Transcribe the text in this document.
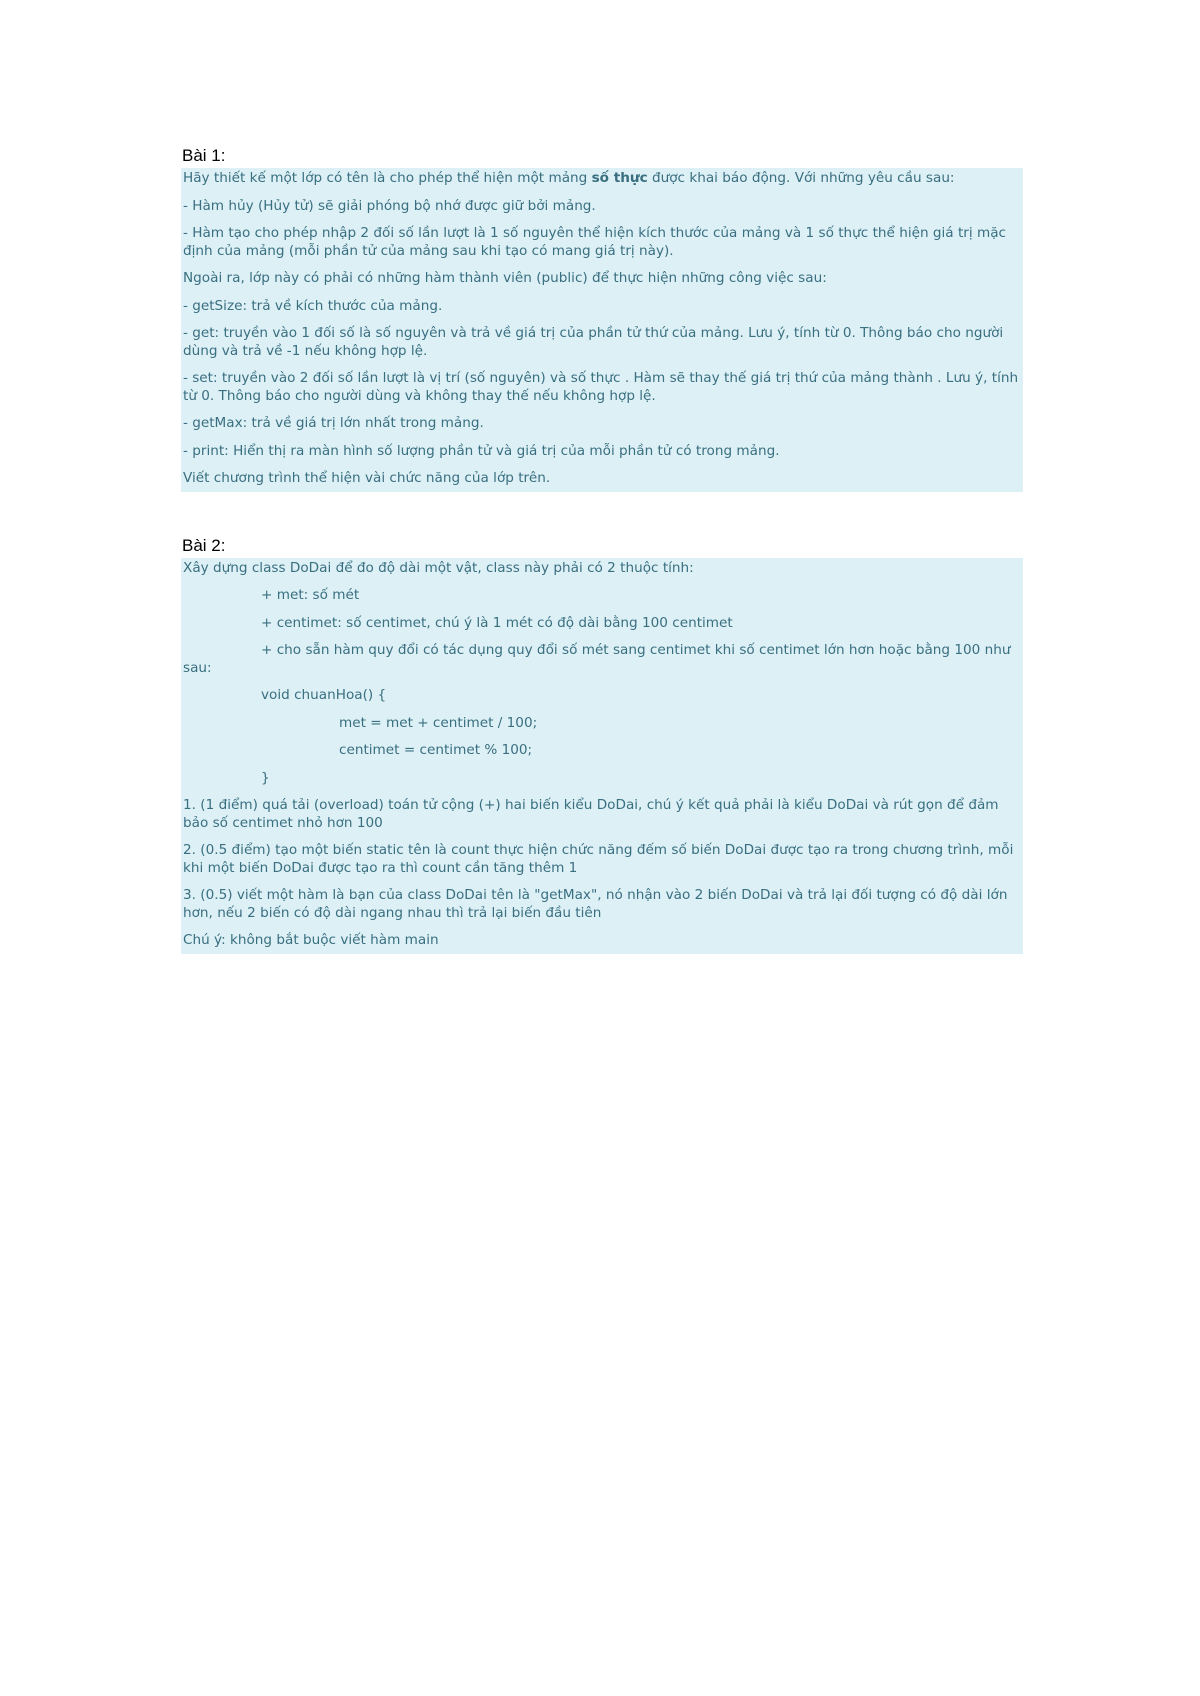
Bài 1:

Hãy thiết kế một lớp có tên là cho phép thể hiện một mảng số thực được khai báo động. Với những yêu cầu sau:

- Hàm hủy (Hủy tử) sẽ giải phóng bộ nhớ được giữ bởi mảng.

- Hàm tạo cho phép nhập 2 đối số lần lượt là 1 số nguyên thể hiện kích thước của mảng và 1 số thực thể hiện giá trị mặc định của mảng (mỗi phần tử của mảng sau khi tạo có mang giá trị này).

Ngoài ra, lớp này có phải có những hàm thành viên (public) để thực hiện những công việc sau:

- getSize: trả về kích thước của mảng.

- get: truyền vào 1 đối số là số nguyên và trả về giá trị của phần tử thứ của mảng. Lưu ý, tính từ 0. Thông báo cho người dùng và trả về -1 nếu không hợp lệ.

- set: truyền vào 2 đối số lần lượt là vị trí (số nguyên) và số thực . Hàm sẽ thay thế giá trị thứ của mảng thành . Lưu ý, tính từ 0. Thông báo cho người dùng và không thay thế nếu không hợp lệ.

- getMax: trả về giá trị lớn nhất trong mảng.

- print: Hiển thị ra màn hình số lượng phần tử và giá trị của mỗi phần tử có trong mảng.

Viết chương trình thể hiện vài chức năng của lớp trên.

Bài 2:

Xây dựng class DoDai để đo độ dài một vật, class này phải có 2 thuộc tính:

+ met: số mét

+ centimet: số centimet, chú ý là 1 mét có độ dài bằng 100 centimet

+ cho sẵn hàm quy đổi có tác dụng quy đổi số mét sang centimet khi số centimet lớn hơn hoặc bằng 100 như sau:

void chuanHoa() {

met = met + centimet / 100;

centimet = centimet % 100;

}

1. (1 điểm) quá tải (overload) toán tử cộng (+) hai biến kiểu DoDai, chú ý kết quả phải là kiểu DoDai và rút gọn để đảm bảo số centimet nhỏ hơn 100

2. (0.5 điểm) tạo một biến static tên là count thực hiện chức năng đếm số biến DoDai được tạo ra trong chương trình, mỗi khi một biến DoDai được tạo ra thì count cần tăng thêm 1

3. (0.5) viết một hàm là bạn của class DoDai tên là "getMax", nó nhận vào 2 biến DoDai và trả lại đối tượng có độ dài lớn hơn, nếu 2 biến có độ dài ngang nhau thì trả lại biến đầu tiên

Chú ý: không bắt buộc viết hàm main
